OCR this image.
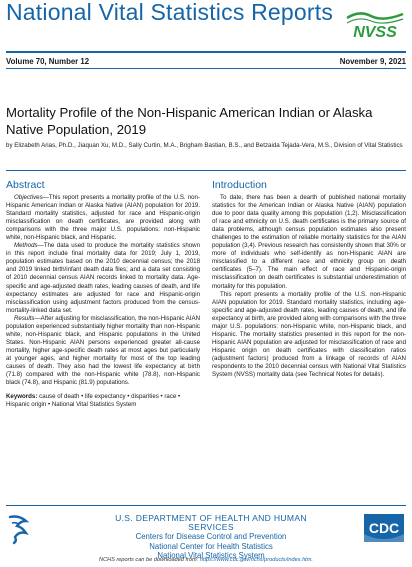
National Vital Statistics Reports
NVSS
Volume 70, Number 12	November 9, 2021
Mortality Profile of the Non-Hispanic American Indian or Alaska Native Population, 2019
by Elizabeth Arias, Ph.D., Jiaquan Xu, M.D., Sally Curtin, M.A., Brigham Bastian, B.S., and Betzaida Tejada-Vera, M.S., Division of Vital Statistics
Abstract

Objectives—This report presents a mortality profile of the U.S. non-Hispanic American Indian or Alaska Native (AIAN) population for 2019. Standard mortality statistics, adjusted for race and Hispanic-origin misclassification on death certificates, are provided along with comparisons with the three major U.S. populations: non-Hispanic white, non-Hispanic black, and Hispanic.

Methods—The data used to produce the mortality statistics shown in this report include final mortality data for 2019; July 1, 2019, population estimates based on the 2010 decennial census; the 2018 and 2019 linked birth/infant death data files; and a data set consisting of 2010 decennial census AIAN records linked to mortality data. Age-specific and age-adjusted death rates, leading causes of death, and life expectancy estimates are adjusted for race and Hispanic-origin misclassification using adjustment factors produced from the census-mortality-linked data set.

Results—After adjusting for misclassification, the non-Hispanic AIAN population experienced substantially higher mortality than non-Hispanic white, non-Hispanic black, and Hispanic populations in the United States. Non-Hispanic AIAN persons experienced greater all-cause mortality, higher age-specific death rates at most ages but particularly at younger ages, and higher mortality for most of the top leading causes of death. They also had the lowest life expectancy at birth (71.8) compared with the non-Hispanic white (78.8), non-Hispanic black (74.8), and Hispanic (81.9) populations.

Keywords: cause of death • life expectancy • disparities • race • Hispanic origin • National Vital Statistics System

Introduction

To date, there has been a dearth of published national mortality statistics for the American Indian or Alaska Native (AIAN) population due to poor data quality among this population (1,2). Misclassification of race and ethnicity on U.S. death certificates is the primary source of data problems, although census population estimates also present challenges to the estimation of reliable mortality statistics for the AIAN population (3,4). Previous research has consistently shown that 30% or more of individuals who self-identify as non-Hispanic AIAN are misclassified to a different race and ethnicity group on death certificates (5–7). The main effect of race and Hispanic-origin misclassification on death certificates is substantial underestimation of mortality for this population.

This report presents a mortality profile of the U.S. non-Hispanic AIAN population for 2019. Standard mortality statistics, including age-specific and age-adjusted death rates, leading causes of death, and life expectancy at birth, are provided along with comparisons with the three major U.S. populations: non-Hispanic white, non-Hispanic black, and Hispanic. The mortality statistics presented in this report for the non-Hispanic AIAN population are adjusted for misclassification of race and Hispanic origin on death certificates with classification ratios (adjustment factors) produced from a linkage of records of AIAN respondents to the 2010 decennial census with National Vital Statistics System (NVSS) mortality data (see Technical Notes for details).

U.S. DEPARTMENT OF HEALTH AND HUMAN SERVICES
Centers for Disease Control and Prevention
National Center for Health Statistics
National Vital Statistics System
CDC
NCHS reports can be downloaded from: https://www.cdc.gov/nchs/products/index.htm.
